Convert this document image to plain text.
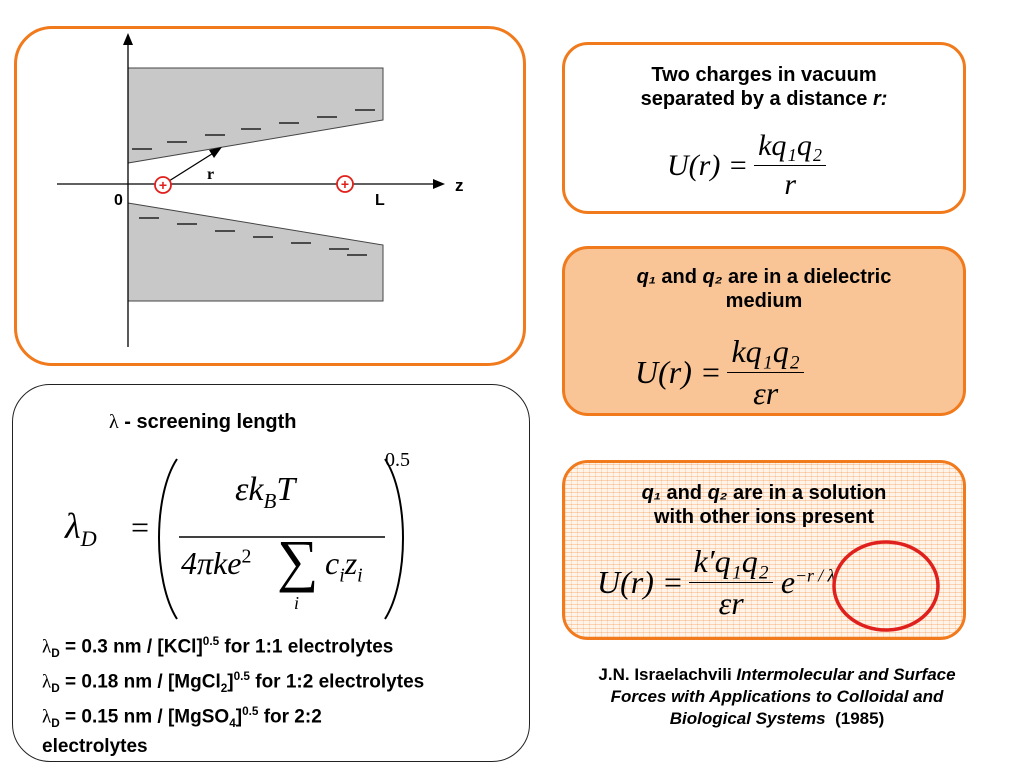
+	+
r
0	L
z
Two charges in vacuum
separated by a distance r:
$U(r) = \frac{\text{kq₁q₂}}{r}$
q₁ and q₂ are in a dielectric
medium
$U(r) = \frac{\text{kq₁q₂}}{\varepsilon r}$
q₁ and q₂ are in a solution
with other ions present
$U(r) = \frac{\text{k′q₁q₂}}{\varepsilon r} e^{-r / \lambda}$
λ - screening length
$\lambda_D$ =
$\varepsilon k_BT$
4πke$^2$ ∑
i
$c_iz_i$
0.5
$\lambda_D = 0.3$ nm / [KCl]$^{0.5}$ for 1:1 electrolytes
$\lambda_D = 0.18$ nm / [MgCl$_2$]$^{0.5}$ for 1:2 electrolytes
$\lambda_D = 0.15$ nm / [MgSO$_4$]$^{0.5}$ for 2:2
electrolytes
J.N. Israelachvili Intermolecular and Surface
Forces with Applications to Colloidal and
Biological Systems (1985)
